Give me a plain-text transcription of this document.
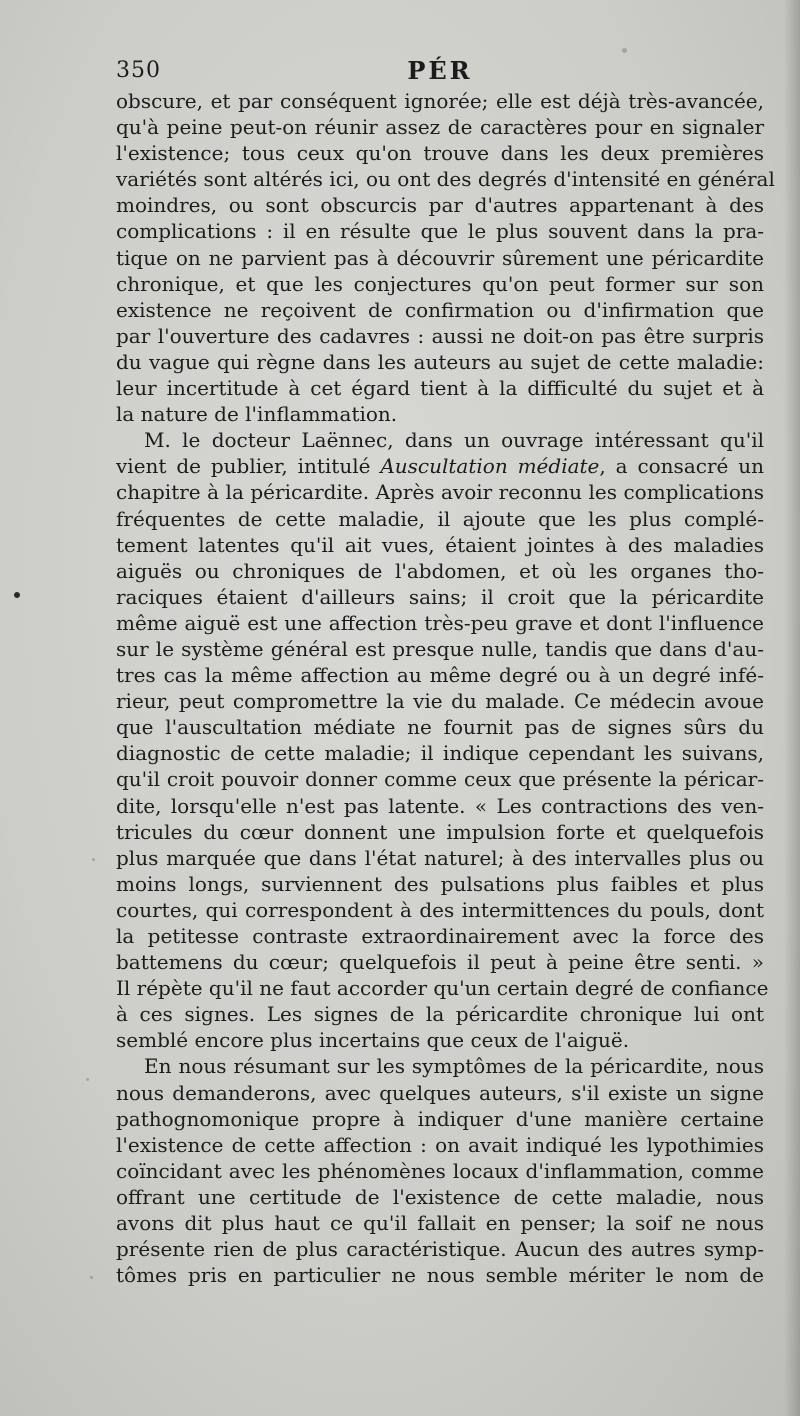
350	PÉR
obscure, et par conséquent ignorée; elle est déjà très-avancée,
qu'à peine peut-on réunir assez de caractères pour en signaler
l'existence; tous ceux qu'on trouve dans les deux premières
variétés sont altérés ici, ou ont des degrés d'intensité en général
moindres, ou sont obscurcis par d'autres appartenant à des
complications : il en résulte que le plus souvent dans la pra-
tique on ne parvient pas à découvrir sûrement une péricardite
chronique, et que les conjectures qu'on peut former sur son
existence ne reçoivent de confirmation ou d'infirmation que
par l'ouverture des cadavres : aussi ne doit-on pas être surpris
du vague qui règne dans les auteurs au sujet de cette maladie:
leur incertitude à cet égard tient à la difficulté du sujet et à
la nature de l'inflammation.
M. le docteur Laënnec, dans un ouvrage intéressant qu'il
vient de publier, intitulé Auscultation médiate, a consacré un
chapitre à la péricardite. Après avoir reconnu les complications
fréquentes de cette maladie, il ajoute que les plus complé-
tement latentes qu'il ait vues, étaient jointes à des maladies
aiguës ou chroniques de l'abdomen, et où les organes tho-
raciques étaient d'ailleurs sains; il croit que la péricardite
même aiguë est une affection très-peu grave et dont l'influence
sur le système général est presque nulle, tandis que dans d'au-
tres cas la même affection au même degré ou à un degré infé-
rieur, peut compromettre la vie du malade. Ce médecin avoue
que l'auscultation médiate ne fournit pas de signes sûrs du
diagnostic de cette maladie; il indique cependant les suivans,
qu'il croit pouvoir donner comme ceux que présente la péricar-
dite, lorsqu'elle n'est pas latente. « Les contractions des ven-
tricules du cœur donnent une impulsion forte et quelquefois
plus marquée que dans l'état naturel; à des intervalles plus ou
moins longs, surviennent des pulsations plus faibles et plus
courtes, qui correspondent à des intermittences du pouls, dont
la petitesse contraste extraordinairement avec la force des
battemens du cœur; quelquefois il peut à peine être senti. »
Il répète qu'il ne faut accorder qu'un certain degré de confiance
à ces signes. Les signes de la péricardite chronique lui ont
semblé encore plus incertains que ceux de l'aiguë.
En nous résumant sur les symptômes de la péricardite, nous
nous demanderons, avec quelques auteurs, s'il existe un signe
pathognomonique propre à indiquer d'une manière certaine
l'existence de cette affection : on avait indiqué les lypothimies
coïncidant avec les phénomènes locaux d'inflammation, comme
offrant une certitude de l'existence de cette maladie, nous
avons dit plus haut ce qu'il fallait en penser; la soif ne nous
présente rien de plus caractéristique. Aucun des autres symp-
tômes pris en particulier ne nous semble mériter le nom de
